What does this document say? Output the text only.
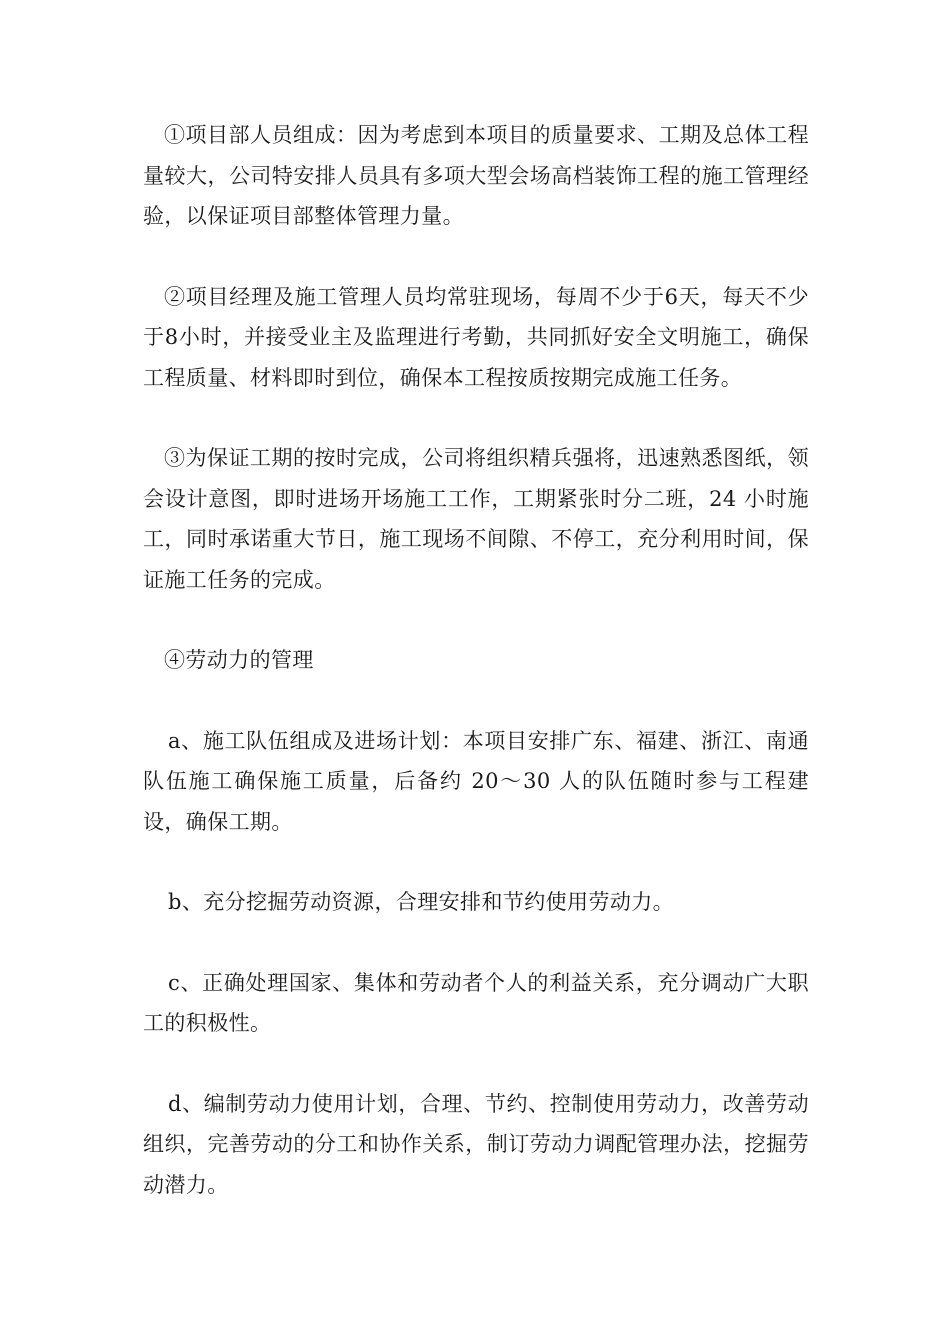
①项目部人员组成：因为考虑到本项目的质量要求、工期及总体工程量较大，公司特安排人员具有多项大型会场高档装饰工程的施工管理经验，以保证项目部整体管理力量。

②项目经理及施工管理人员均常驻现场，每周不少于6天，每天不少于8小时，并接受业主及监理进行考勤，共同抓好安全文明施工，确保工程质量、材料即时到位，确保本工程按质按期完成施工任务。

③为保证工期的按时完成，公司将组织精兵强将，迅速熟悉图纸，领会设计意图，即时进场开场施工工作，工期紧张时分二班，24 小时施工，同时承诺重大节日，施工现场不间隙、不停工，充分利用时间，保证施工任务的完成。

④劳动力的管理

a、施工队伍组成及进场计划：本项目安排广东、福建、浙江、南通队伍施工确保施工质量，后备约 20～30 人的队伍随时参与工程建设，确保工期。

b、充分挖掘劳动资源，合理安排和节约使用劳动力。

c、正确处理国家、集体和劳动者个人的利益关系，充分调动广大职工的积极性。

d、编制劳动力使用计划，合理、节约、控制使用劳动力，改善劳动组织，完善劳动的分工和协作关系，制订劳动力调配管理办法，挖掘劳动潜力。
